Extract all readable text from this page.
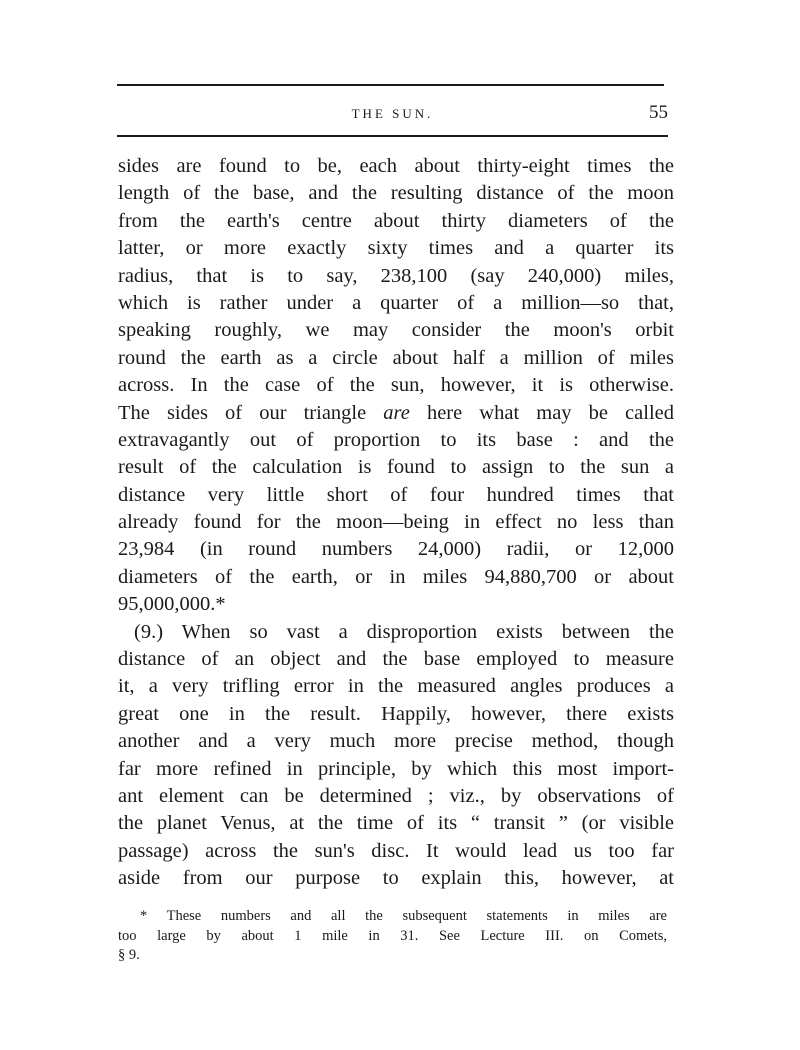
THE SUN.	55
sides are found to be, each about thirty-eight times the
length of the base, and the resulting distance of the moon
from the earth's centre about thirty diameters of the
latter, or more exactly sixty times and a quarter its
radius, that is to say, 238,100 (say 240,000) miles,
which is rather under a quarter of a million—so that,
speaking roughly, we may consider the moon's orbit
round the earth as a circle about half a million of miles
across. In the case of the sun, however, it is otherwise.
The sides of our triangle are here what may be called
extravagantly out of proportion to its base : and the
result of the calculation is found to assign to the sun a
distance very little short of four hundred times that
already found for the moon—being in effect no less than
23,984 (in round numbers 24,000) radii, or 12,000
diameters of the earth, or in miles 94,880,700 or about
95,000,000.*
(9.) When so vast a disproportion exists between the
distance of an object and the base employed to measure
it, a very trifling error in the measured angles produces a
great one in the result. Happily, however, there exists
another and a very much more precise method, though
far more refined in principle, by which this most import-
ant element can be determined ; viz., by observations of
the planet Venus, at the time of its “ transit ” (or visible
passage) across the sun's disc. It would lead us too far
aside from our purpose to explain this, however, at
* These numbers and all the subsequent statements in miles are
too large by about 1 mile in 31. See Lecture III. on Comets,
§ 9.
